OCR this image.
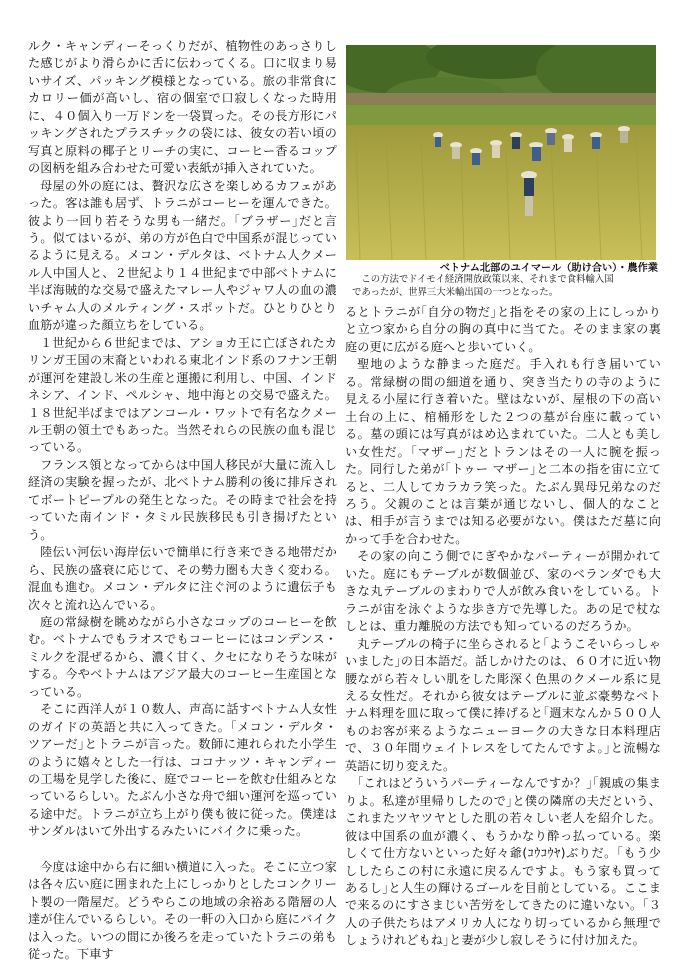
ベトナム北部のユイマール（助け合い）・農作業
この方法でドイモイ経済開放政策以来、それまで食料輸入国
であったが、世界三大米輸出国の一つとなった。

ルク・キャンディーそっくりだが、植物性のあっさりした感じがより滑らかに舌に伝わってくる。口に収まり易いサイズ、パッキング模様となっている。旅の非常食にカロリー価が高いし、宿の個室で口寂しくなった時用に、４０個入り一万ドンを一袋買った。その長方形にパッキングされたプラスチックの袋には、彼女の若い頃の写真と原料の椰子とリーチの実に、コーヒー香るコップの図柄を組み合わせた可愛い表紙が挿入されていた。

母屋の外の庭には、贅沢な広さを楽しめるカフェがあった。客は誰も居ず、トラニがコーヒーを運んできた。彼より一回り若そうな男も一緒だ。｢ブラザー｣だと言う。似てはいるが、弟の方が色白で中国系が混じっているように見える。メコン・デルタは、ベトナム人クメール人中国人と、２世紀より１４世紀まで中部ベトナムに半ば海賊的な交易で盛えたマレー人やジャワ人の血の濃いチャム人のメルティング・スポットだ。ひとりひとり血筋が違った顔立ちをしている。

１世紀から６世紀までは、アショカ王に亡ぼされたカリンガ王国の末裔といわれる東北インド系のフナン王朝が運河を建設し米の生産と運搬に利用し、中国、インドネシア、インド、ペルシャ、地中海との交易で盛えた。１８世紀半ばまではアンコール・ワットで有名なクメール王朝の領土でもあった。当然それらの民族の血も混じっている。

フランス領となってからは中国人移民が大量に流入し経済の実験を握ったが、北ベトナム勝利の後に排斥されてボートピープルの発生となった。その時まで社会を持っていた南インド・タミル民族移民も引き揚げたという。

陸伝い河伝い海岸伝いで簡単に行き来できる地帯だから、民族の盛衰に応じて、その勢力圏も大きく変わる。混血も進む。メコン・デルタに注ぐ河のように遺伝子も次々と流れ込んでいる。

庭の常緑樹を眺めながら小さなコップのコーヒーを飲む。ベトナムでもラオスでもコーヒーにはコンデンス・ミルクを混ぜるから、濃く甘く、クセになりそうな味がする。今やベトナムはアジア最大のコーヒー生産国となっている。

そこに西洋人が１０数人、声高に話すベトナム人女性のガイドの英語と共に入ってきた。｢メコン・デルタ・ツアーだ｣とトラニが言った。数師に連れられた小学生のように嬉々とした一行は、ココナッツ・キャンディーの工場を見学した後に、庭でコーヒーを飲む仕組みとなっているらしい。たぶん小さな舟で細い運河を巡っている途中だ。トラニが立ち上がり僕も彼に従った。僕達はサンダルはいて外出するみたいにバイクに乗った。

今度は途中から右に細い横道に入った。そこに立つ家は各々広い庭に囲まれた上にしっかりとしたコンクリート製の一階屋だ。どうやらこの地域の余裕ある階層の人達が住んでいるらしい。その一軒の入口から庭にバイクは入った。いつの間にか後ろを走っていたトラニの弟も従った。下車す

るとトラニが｢自分の物だ｣と指をその家の上にしっかりと立つ家から自分の胸の真中に当てた。そのまま家の裏庭の更に広がる庭へと歩いていく。

聖地のような静まった庭だ。手入れも行き届いている。常緑樹の間の細道を通り、突き当たりの寺のように見える小屋に行き着いた。壁はないが、屋根の下の高い土台の上に、棺桶形をした２つの墓が台座に載っている。墓の頭には写真がはめ込まれていた。二人とも美しい女性だ。｢マザー｣だとトランはその一人に腕を振った。同行した弟が｢トゥー マザー｣と二本の指を宙に立てると、二人してカラカラ笑った。たぶん異母兄弟なのだろう。父親のことは言葉が通じないし、個人的なことは、相手が言うまでは知る必要がない。僕はただ墓に向かって手を合わせた。

その家の向こう側でにぎやかなパーティーが開かれていた。庭にもテーブルが数個並び、家のベランダでも大きな丸テーブルのまわりで人が飲み食いをしている。トラニが宙を泳ぐような歩き方で先導した。あの足で杖なしとは、重力離脱の方法でも知っているのだろうか。

丸テーブルの椅子に坐らされると｢ようこそいらっしゃいました｣の日本語だ。話しかけたのは、６０才に近い物腰ながら若々しい肌をした彫深く色黒のクメール系に見える女性だ。それから彼女はテーブルに並ぶ豪勢なベトナム料理を皿に取って僕に捧げると｢週末なんか５００人ものお客が来るようなニューヨークの大きな日本料理店で、３０年間ウェイトレスをしてたんですよ。｣と流暢な英語に切り変えた。

｢これはどういうパーティーなんですか？｣｢親戚の集まりよ。私達が里帰りしたので｣と僕の隣席の夫だという、これまたツヤツヤとした肌の若々しい老人を紹介した。彼は中国系の血が濃く、もうかなり酔っ払っている。楽しくて仕方ないといった好々爺(ｺｳｺｳﾔ)ぶりだ。｢もう少ししたらこの村に永遠に戻るんですよ。もう家も買ってあるし｣と人生の輝けるゴールを目前としている。ここまで来るのにすさまじい苦労をしてきたのに違いない。｢３人の子供たちはアメリカ人になり切っているから無理でしょうけれどもね｣と妻が少し寂しそうに付け加えた。
